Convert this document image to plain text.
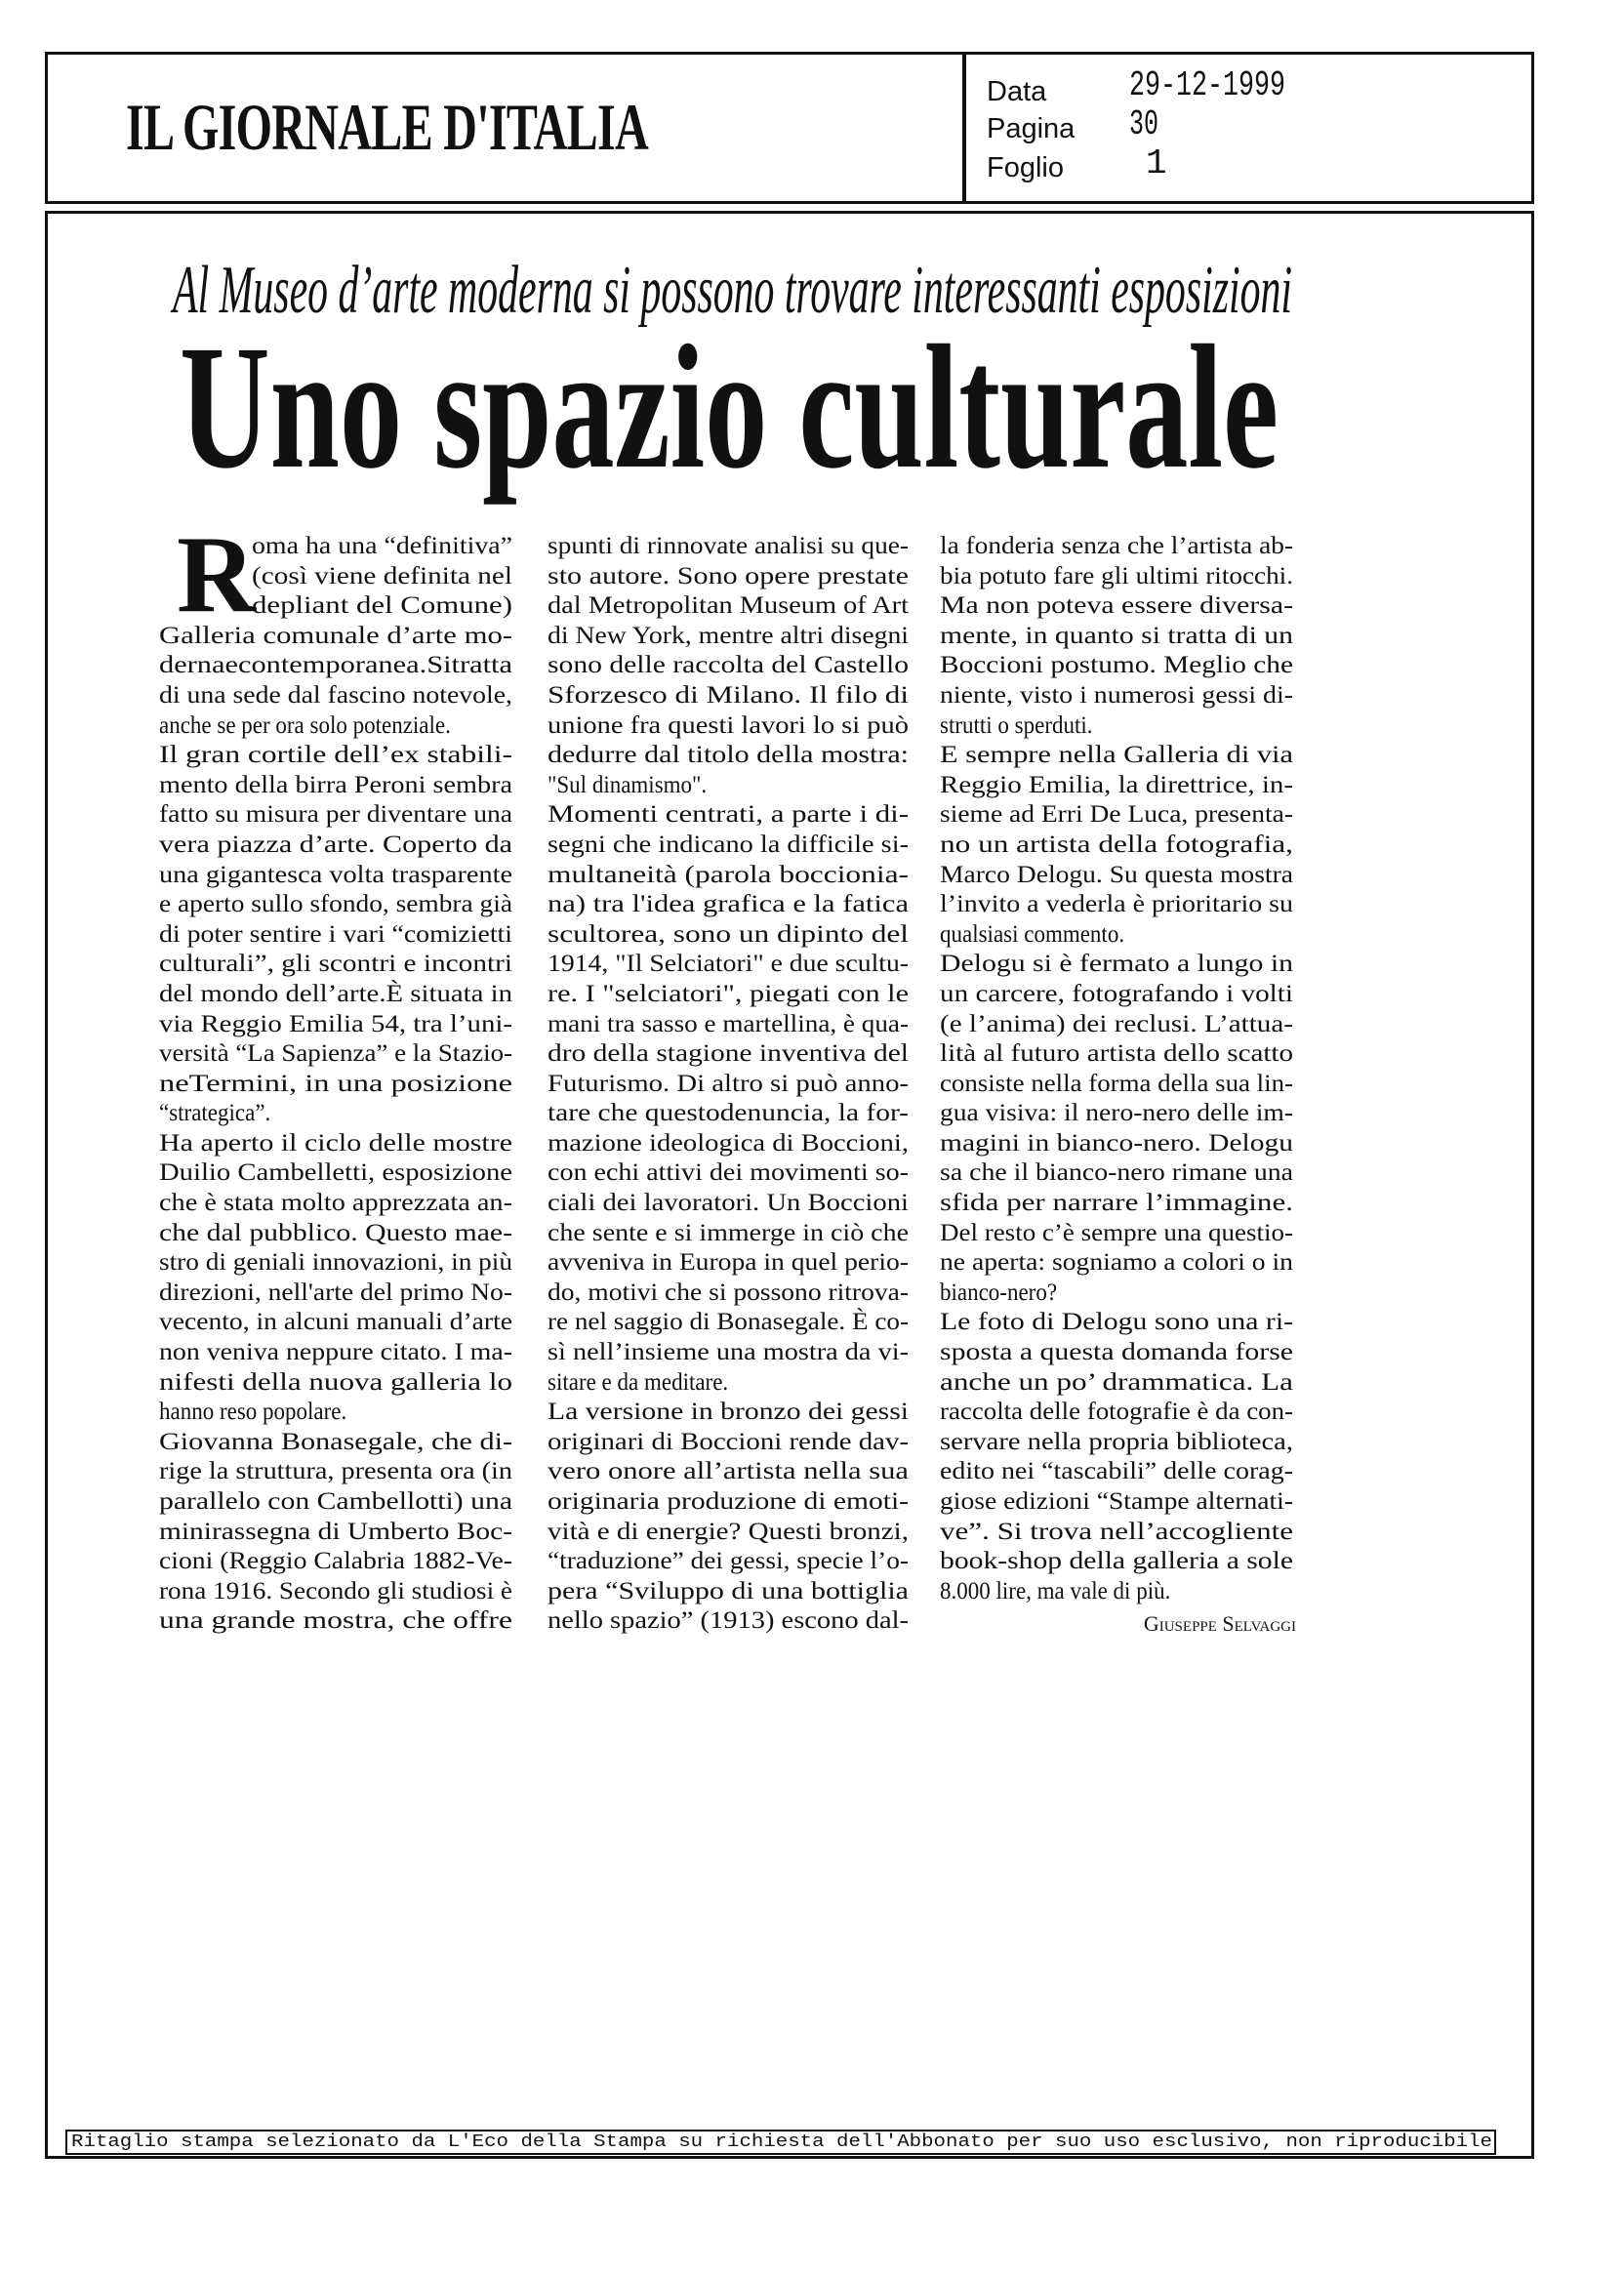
IL GIORNALE D'ITALIA	Data 29-12-1999
Pagina 30
Foglio 1
Al Museo d’arte moderna si possono trovare interessanti esposizioni
Uno spazio culturale
R
oma ha una “definitiva”
(così viene definita nel
depliant del Comune)
Galleria comunale d’arte mo-
dernaecontemporanea.Sitratta
di una sede dal fascino notevole,
anche se per ora solo potenziale.
Il gran cortile dell’ex stabili-
mento della birra Peroni sembra
fatto su misura per diventare una
vera piazza d’arte. Coperto da
una gigantesca volta trasparente
e aperto sullo sfondo, sembra già
di poter sentire i vari “comizietti
culturali”, gli scontri e incontri
del mondo dell’arte.È situata in
via Reggio Emilia 54, tra l’uni-
versità “La Sapienza” e la Stazio-
neTermini, in una posizione
“strategica”.
Ha aperto il ciclo delle mostre
Duilio Cambelletti, esposizione
che è stata molto apprezzata an-
che dal pubblico. Questo mae-
stro di geniali innovazioni, in più
direzioni, nell'arte del primo No-
vecento, in alcuni manuali d’arte
non veniva neppure citato. I ma-
nifesti della nuova galleria lo
hanno reso popolare.
Giovanna Bonasegale, che di-
rige la struttura, presenta ora (in
parallelo con Cambellotti) una
minirassegna di Umberto Boc-
cioni (Reggio Calabria 1882-Ve-
rona 1916. Secondo gli studiosi è
una grande mostra, che offre
spunti di rinnovate analisi su que-
sto autore. Sono opere prestate
dal Metropolitan Museum of Art
di New York, mentre altri disegni
sono delle raccolta del Castello
Sforzesco di Milano. Il filo di
unione fra questi lavori lo si può
dedurre dal titolo della mostra:
"Sul dinamismo".
Momenti centrati, a parte i di-
segni che indicano la difficile si-
multaneità (parola boccionia-
na) tra l'idea grafica e la fatica
scultorea, sono un dipinto del
1914, "Il Selciatori" e due scultu-
re. I "selciatori", piegati con le
mani tra sasso e martellina, è qua-
dro della stagione inventiva del
Futurismo. Di altro si può anno-
tare che questodenuncia, la for-
mazione ideologica di Boccioni,
con echi attivi dei movimenti so-
ciali dei lavoratori. Un Boccioni
che sente e si immerge in ciò che
avveniva in Europa in quel perio-
do, motivi che si possono ritrova-
re nel saggio di Bonasegale. È co-
sì nell’insieme una mostra da vi-
sitare e da meditare.
La versione in bronzo dei gessi
originari di Boccioni rende dav-
vero onore all’artista nella sua
originaria produzione di emoti-
vità e di energie? Questi bronzi,
“traduzione” dei gessi, specie l’o-
pera “Sviluppo di una bottiglia
nello spazio” (1913) escono dal-
la fonderia senza che l’artista ab-
bia potuto fare gli ultimi ritocchi.
Ma non poteva essere diversa-
mente, in quanto si tratta di un
Boccioni postumo. Meglio che
niente, visto i numerosi gessi di-
strutti o sperduti.
E sempre nella Galleria di via
Reggio Emilia, la direttrice, in-
sieme ad Erri De Luca, presenta-
no un artista della fotografia,
Marco Delogu. Su questa mostra
l’invito a vederla è prioritario su
qualsiasi commento.
Delogu si è fermato a lungo in
un carcere, fotografando i volti
(e l’anima) dei reclusi. L’attua-
lità al futuro artista dello scatto
consiste nella forma della sua lin-
gua visiva: il nero-nero delle im-
magini in bianco-nero. Delogu
sa che il bianco-nero rimane una
sfida per narrare l’immagine.
Del resto c’è sempre una questio-
ne aperta: sogniamo a colori o in
bianco-nero?
Le foto di Delogu sono una ri-
sposta a questa domanda forse
anche un po’ drammatica. La
raccolta delle fotografie è da con-
servare nella propria biblioteca,
edito nei “tascabili” delle corag-
giose edizioni “Stampe alternati-
ve”. Si trova nell’accogliente
book-shop della galleria a sole
8.000 lire, ma vale di più.
Giuseppe Selvaggi
Ritaglio stampa selezionato da L'Eco della Stampa su richiesta dell'Abbonato per suo uso esclusivo, non riproducibile
